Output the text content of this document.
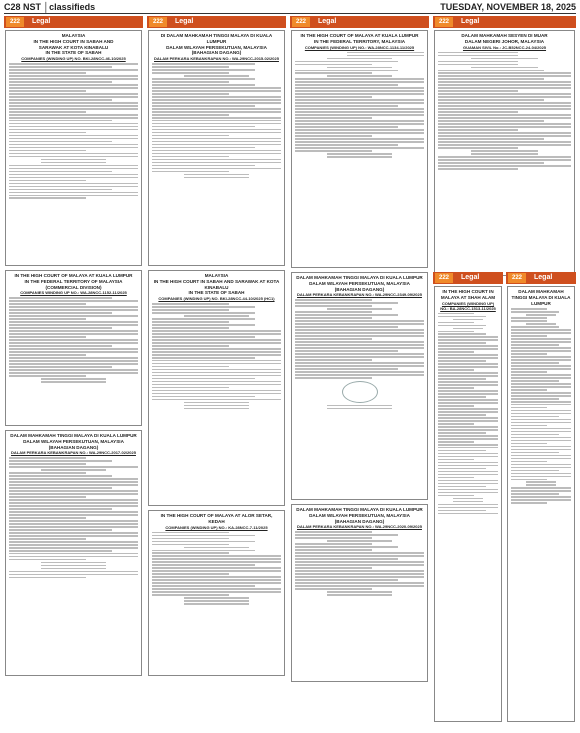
C28 NST │classifieds	TUESDAY, NOVEMBER 18, 2025
222	Legal
MALAYSIA
IN THE HIGH COURT IN SABAH AND
SARAWAK AT KOTA KINABALU
IN THE STATE OF SABAH
COMPANIES (WINDING UP) NO. BKI-28NCC-46-10/2025
IN THE HIGH COURT OF MALAYA AT KUALA LUMPUR
IN THE FEDERAL TERRITORY OF MALAYSIA
(COMMERCIAL DIVISION)
COMPANIES WINDING UP NO.: WA-28NCC-1152-11/2025
DALAM MAHKAMAH TINGGI MALAYA DI KUALA LUMPUR
DALAM WILAYAH PERSEKUTUAN, MALAYSIA
(BAHAGIAN DAGANG)
DALAM PERKARA KEBANKRAPAN NO.: WA-29NCC-2017-02/2025
222	Legal
DI DALAM MAHKAMAH TINGGI MALAYA DI KUALA LUMPUR
DALAM WILAYAH PERSEKUTUAN, MALAYSIA
(BAHAGIAN DAGANG)
DALAM PERKARA KEBANKRAPAN NO.: WA-29NCC-2015-02/2025
MALAYSIA
IN THE HIGH COURT IN SABAH AND SARAWAK AT KOTA KINABALU
IN THE STATE OF SABAH
COMPANIES (WINDING UP) NO. BKI-28NCC-44-10/2025 (HC1)
IN THE HIGH COURT OF MALAYA AT ALOR SETAR, KEDAH
COMPANIES (WINDING UP) NO.: KA-28NCC-7-11/2025
222	Legal
IN THE HIGH COURT OF MALAYA AT KUALA LUMPUR
IN THE FEDERAL TERRITORY, MALAYSIA
COMPANIES (WINDING UP) NO.: WA-28NCC-1134-11/2025
DALAM MAHKAMAH TINGGI MALAYA DI KUALA LUMPUR
DALAM WILAYAH PERSEKUTUAN, MALAYSIA
(BAHAGIAN DAGANG)
DALAM PERKARA KEBANKRAPAN NO.: WA-29NCC-2349-09/2025
DALAM MAHKAMAH TINGGI MALAYA DI KUALA LUMPUR
DALAM WILAYAH PERSEKUTUAN, MALAYSIA
(BAHAGIAN DAGANG)
DALAM PERKARA KEBANKRAPAN NO.: WA-29NCC-2020-09/2025
222	Legal
DALAM MAHKAMAH SESYEN DI MUAR
DALAM NEGERI JOHOR, MALAYSIA
GUAMAN SIVIL No.: JC-B52NCC-24-04/2025
222	Legal
IN THE HIGH COURT IN MALAYA AT SHAH ALAM
COMPANIES (WINDING UP) NO.: BA-28NCC-1513-11/2025
222	Legal
DALAM MAHKAMAH TINGGI MALAYA DI KUALA LUMPUR
